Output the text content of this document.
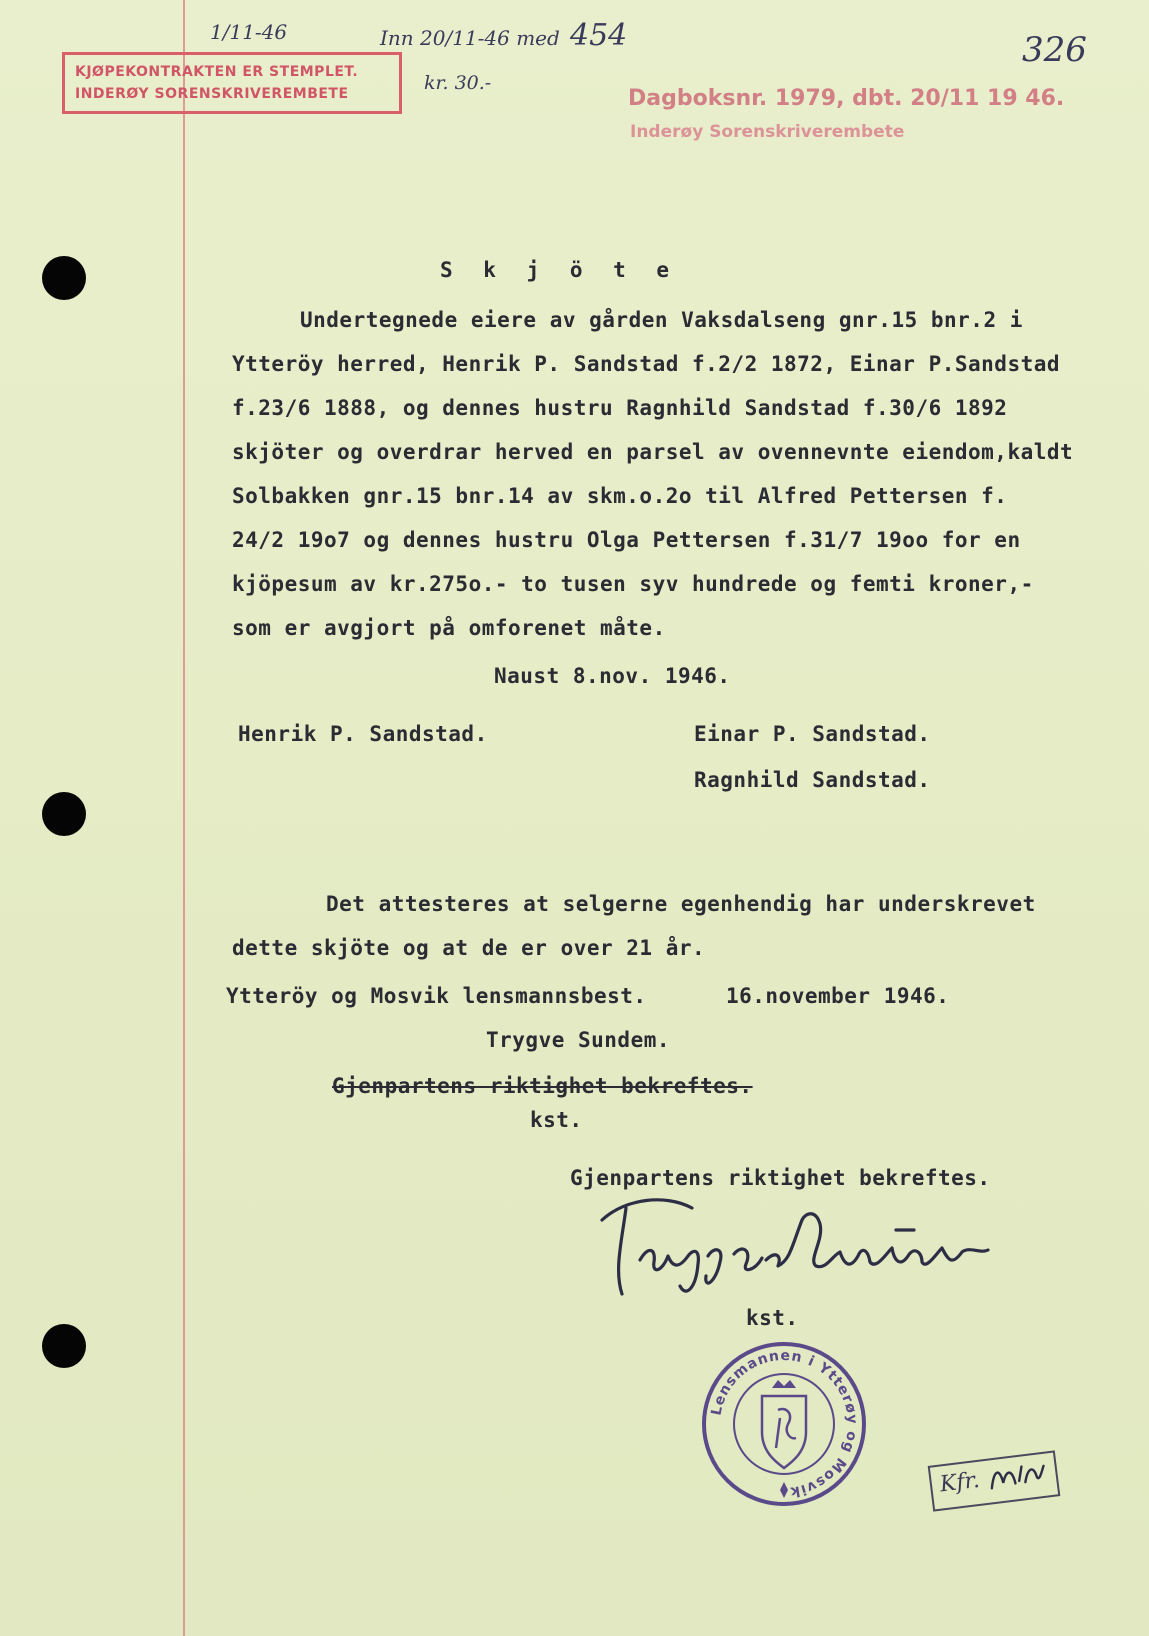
KJØPEKONTRAKTEN ER STEMPLET.
INDERØY SORENSKRIVEREMBETE
1/11-46	Inn 20/11-46 med
kr. 30.-
454	326
Dagboksnr. 1979, dbt. 20/11 19 46.
Inderøy Sorenskriverembete
S k j ö t e
Undertegnede eiere av gården Vaksdalseng gnr.15 bnr.2 i
Ytteröy herred, Henrik P. Sandstad f.2/2 1872, Einar P.Sandstad
f.23/6 1888, og dennes hustru Ragnhild Sandstad f.30/6 1892
skjöter og overdrar herved en parsel av ovennevnte eiendom,kaldt
Solbakken gnr.15 bnr.14 av skm.o.2o til Alfred Pettersen f.
24/2 19o7 og dennes hustru Olga Pettersen f.31/7 19oo for en
kjöpesum av kr.275o.- to tusen syv hundrede og femti kroner,-
som er avgjort på omforenet måte.
Naust 8.nov. 1946.
Henrik P. Sandstad.	Einar P. Sandstad.
Ragnhild Sandstad.
Det attesteres at selgerne egenhendig har underskrevet
dette skjöte og at de er over 21 år.
Ytteröy og Mosvik lensmannsbest.	16.november 1946.
Trygve Sundem.
Gjenpartens riktighet bekreftes.
kst.
Gjenpartens riktighet bekreftes.
kst.
Lensmannen i Ytterøy og Mosvik	Kfr.
